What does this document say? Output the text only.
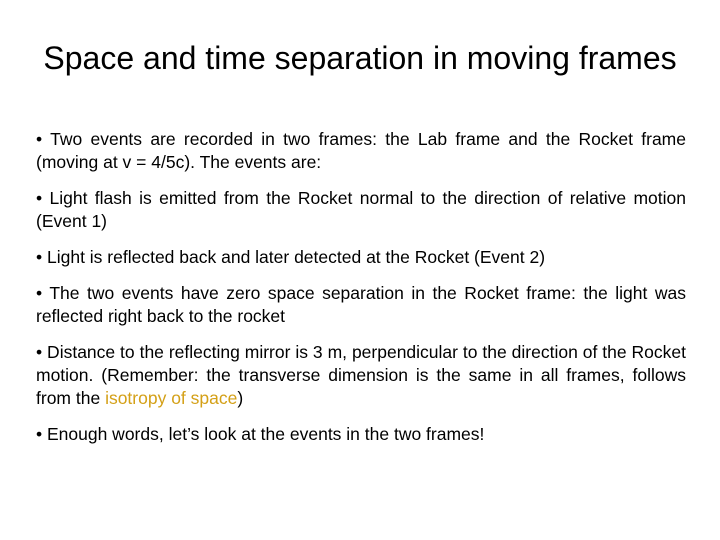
Space and time separation in moving frames

• Two events are recorded in two frames: the Lab frame and the Rocket frame (moving at v = 4/5c). The events are:

• Light flash is emitted from the Rocket normal to the direction of relative motion (Event 1)

• Light is reflected back and later detected at the Rocket (Event 2)

• The two events have zero space separation in the Rocket frame: the light was reflected right back to the rocket

• Distance to the reflecting mirror is 3 m, perpendicular to the direction of the Rocket motion. (Remember: the transverse dimension is the same in all frames, follows from the isotropy of space)

• Enough words, let’s look at the events in the two frames!
